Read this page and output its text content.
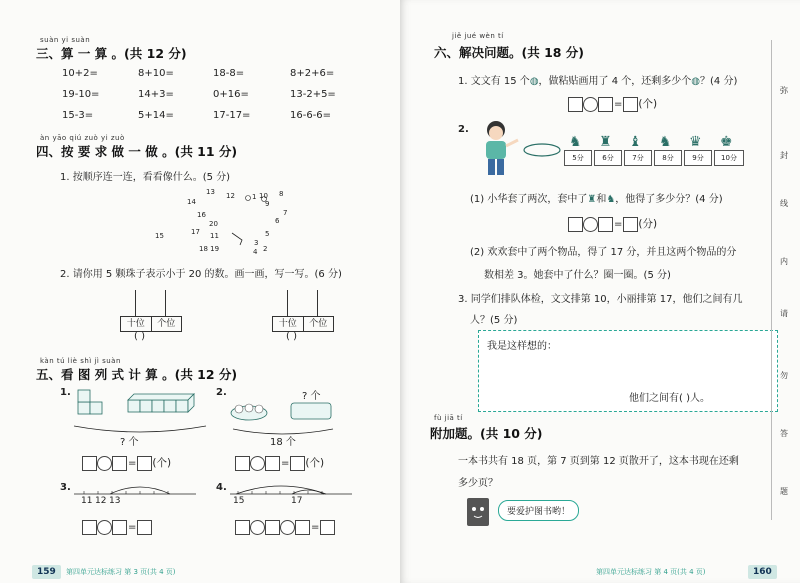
suàn yi suàn
三、算 一 算 。(共 12 分)
10+2=	8+10=	18-8=	8+2+6=
19-10=	14+3=	0+16=	13-2+5=
15-3=	5+14=	17-17=	16-6-6=
àn yāo qiú zuò yi zuò
四、按 要 求 做 一 做 。(共 11 分)
1. 按顺序连一连，看看像什么。(5 分)
13 12 1 10 8
14	9
16	7
20	6
17 11	5
15
18 19
3
4 2
2. 请你用 5 颗珠子表示小于 20 的数。画一画，写一写。(6 分)
十位	个位
( )
十位	个位
( )
kàn tú liè shì jì suàn
五、看 图 列 式 计 算 。(共 12 分)
1.
? 个
= (个)
2.	? 个
18 个
= (个)
3.
11 12 13
=
4.
15	17
=
159	第四单元达标练习 第 3 页(共 4 页)
jiě jué wèn tí
六、解决问题。(共 18 分)
1. 文文有 15 个◍，做粘贴画用了 4 个，还剩多少个◍？(4 分)
= (个)
2.
5分	6分	7分	8分	9分	10分
♞ ♜ ♝ ♞ ♛ ♚
(1) 小华套了两次，套中了♜和♞，他得了多少分？(4 分)
= (分)
(2) 欢欢套中了两个物品，得了 17 分，并且这两个物品的分
数相差 3。她套中了什么？圈一圈。(5 分)
3. 同学们排队体检，文文排第 10，小丽排第 17，他们之间有几
人？(5 分)
我是这样想的：
他们之间有( )人。
fù jiā tí
附加题。(共 10 分)
一本书共有 18 页，第 7 页到第 12 页散开了，这本书现在还剩
多少页？
要爱护图书哟！
弥
封
线
内
请
勿
答
题
第四单元达标练习 第 4 页(共 4 页)	160
